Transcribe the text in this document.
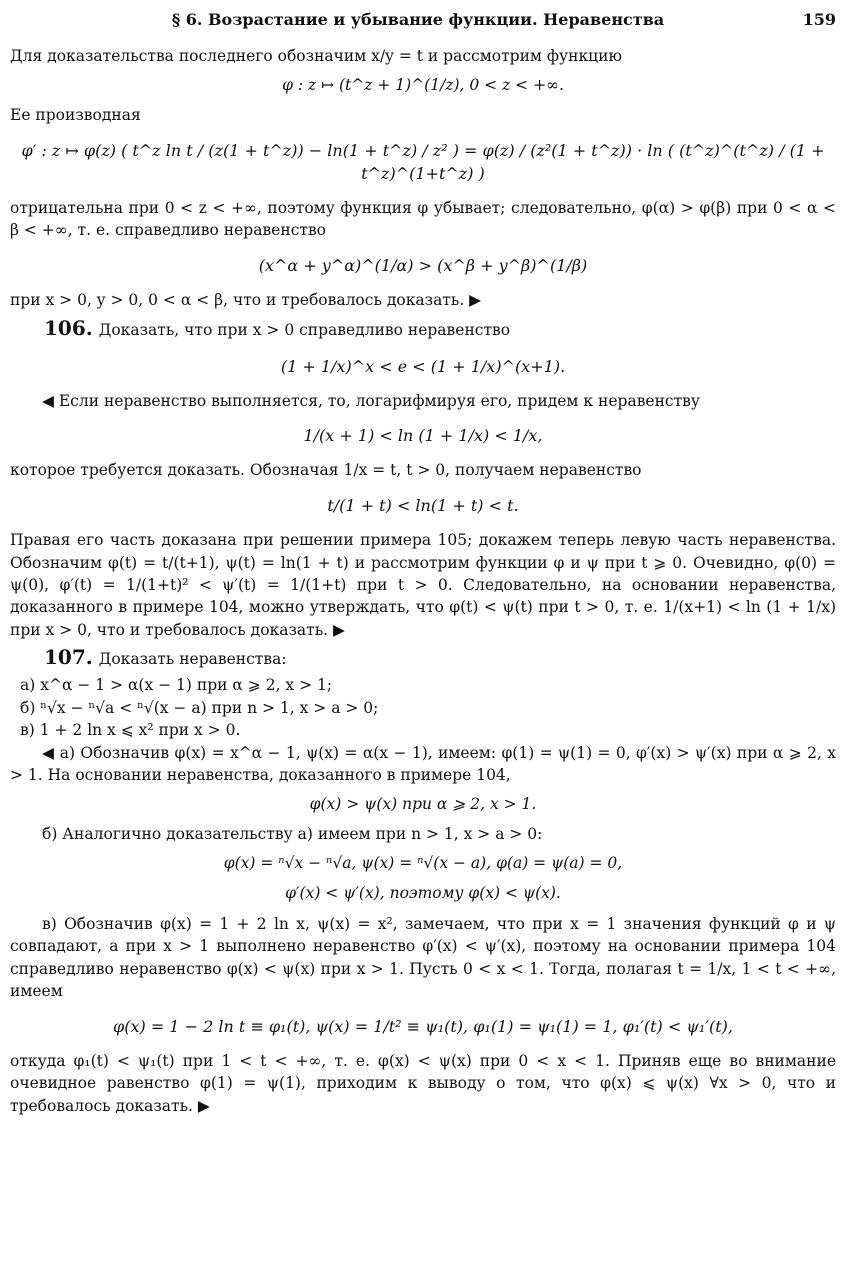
§ 6. Возрастание и убывание функции. Неравенства	159

Для доказательства последнего обозначим x/y = t и рассмотрим функцию

φ : z ↦ (t^z + 1)^(1/z), 0 < z < +∞.

Ее производная

φ′ : z ↦ φ(z) ( t^z ln t / (z(1 + t^z)) − ln(1 + t^z) / z² ) = φ(z) / (z²(1 + t^z)) · ln ( (t^z)^(t^z) / (1 + t^z)^(1+t^z) )

отрицательна при 0 < z < +∞, поэтому функция φ убывает; следовательно, φ(α) > φ(β) при 0 < α < β < +∞, т. е. справедливо неравенство

(x^α + y^α)^(1/α) > (x^β + y^β)^(1/β)

при x > 0, y > 0, 0 < α < β, что и требовалось доказать. ▶

106. Доказать, что при x > 0 справедливо неравенство
(1 + 1/x)^x < e < (1 + 1/x)^(x+1).

◀ Если неравенство выполняется, то, логарифмируя его, придем к неравенству

1/(x + 1) < ln (1 + 1/x) < 1/x,

которое требуется доказать. Обозначая 1/x = t, t > 0, получаем неравенство

t/(1 + t) < ln(1 + t) < t.

Правая его часть доказана при решении примера 105; докажем теперь левую часть неравенства. Обозначим φ(t) = t/(t+1), ψ(t) = ln(1 + t) и рассмотрим функции φ и ψ при t ⩾ 0. Очевидно, φ(0) = ψ(0), φ′(t) = 1/(1+t)² < ψ′(t) = 1/(1+t) при t > 0. Следовательно, на основании неравенства, доказанного в примере 104, можно утверждать, что φ(t) < ψ(t) при t > 0, т. е. 1/(x+1) < ln (1 + 1/x) при x > 0, что и требовалось доказать. ▶

107. Доказать неравенства:
а) x^α − 1 > α(x − 1) при α ⩾ 2, x > 1;
б) ⁿ√x − ⁿ√a < ⁿ√(x − a) при n > 1, x > a > 0;
в) 1 + 2 ln x ⩽ x² при x > 0.

◀ а) Обозначив φ(x) = x^α − 1, ψ(x) = α(x − 1), имеем: φ(1) = ψ(1) = 0, φ′(x) > ψ′(x) при α ⩾ 2, x > 1. На основании неравенства, доказанного в примере 104,

φ(x) > ψ(x) при α ⩾ 2, x > 1.

б) Аналогично доказательству а) имеем при n > 1, x > a > 0:

φ(x) = ⁿ√x − ⁿ√a, ψ(x) = ⁿ√(x − a), φ(a) = ψ(a) = 0,
φ′(x) < ψ′(x), поэтому φ(x) < ψ(x).

в) Обозначив φ(x) = 1 + 2 ln x, ψ(x) = x², замечаем, что при x = 1 значения функций φ и ψ совпадают, а при x > 1 выполнено неравенство φ′(x) < ψ′(x), поэтому на основании примера 104 справедливо неравенство φ(x) < ψ(x) при x > 1. Пусть 0 < x < 1. Тогда, полагая t = 1/x, 1 < t < +∞, имеем

φ(x) = 1 − 2 ln t ≡ φ₁(t), ψ(x) = 1/t² ≡ ψ₁(t), φ₁(1) = ψ₁(1) = 1, φ₁′(t) < ψ₁′(t),

откуда φ₁(t) < ψ₁(t) при 1 < t < +∞, т. е. φ(x) < ψ(x) при 0 < x < 1. Приняв еще во внимание очевидное равенство φ(1) = ψ(1), приходим к выводу о том, что φ(x) ⩽ ψ(x) ∀x > 0, что и требовалось доказать. ▶
